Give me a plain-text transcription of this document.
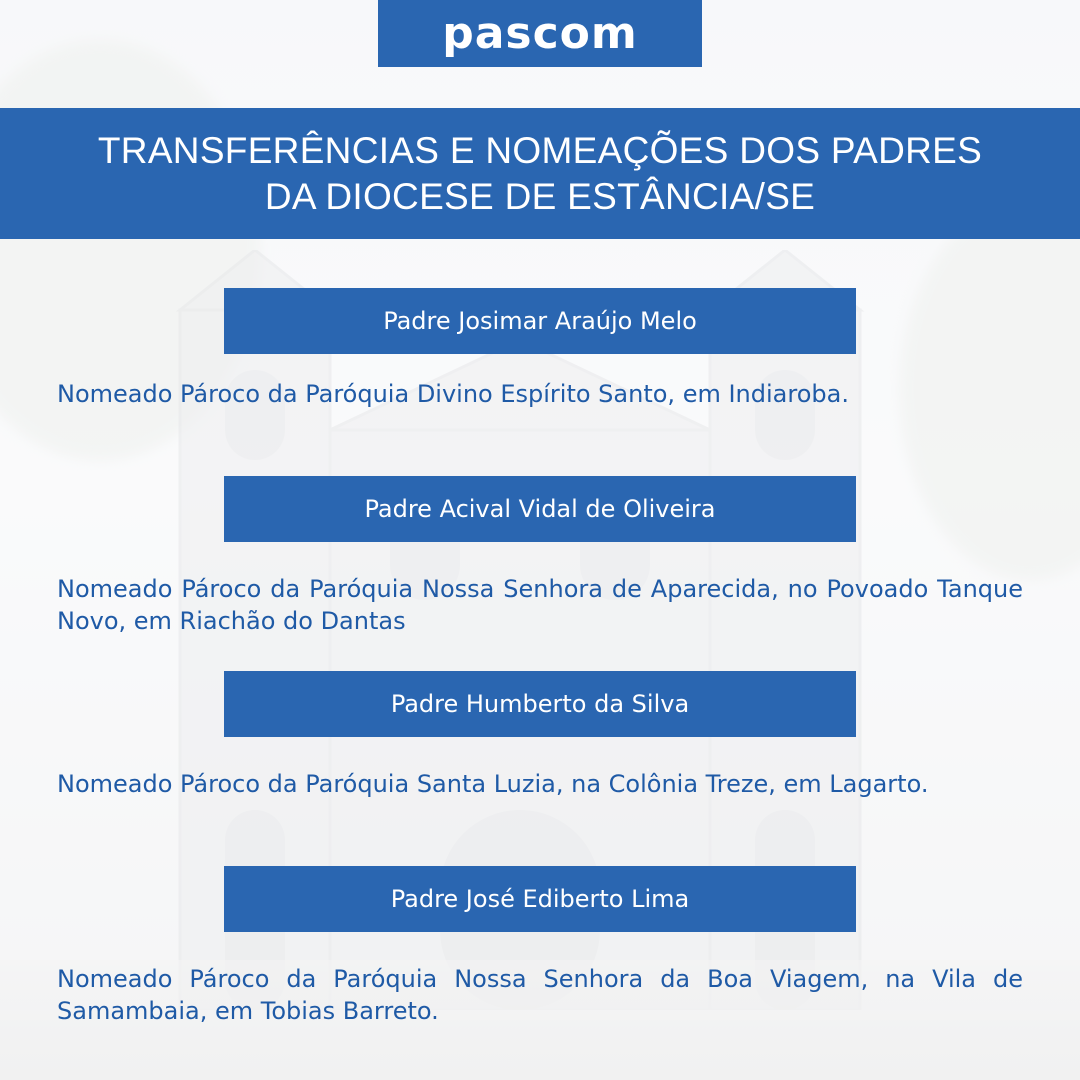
pascom

TRANSFERÊNCIAS E NOMEAÇÕES DOS PADRES
DA DIOCESE DE ESTÂNCIA/SE

Padre Josimar Araújo Melo

Nomeado Pároco da Paróquia Divino Espírito Santo, em Indiaroba.

Padre Acival Vidal de Oliveira

Nomeado Pároco da Paróquia Nossa Senhora de Aparecida, no Povoado Tanque Novo, em Riachão do Dantas

Padre Humberto da Silva

Nomeado Pároco da Paróquia Santa Luzia, na Colônia Treze, em Lagarto.

Padre José Ediberto Lima

Nomeado Pároco da Paróquia Nossa Senhora da Boa Viagem, na Vila de Samambaia, em Tobias Barreto.
